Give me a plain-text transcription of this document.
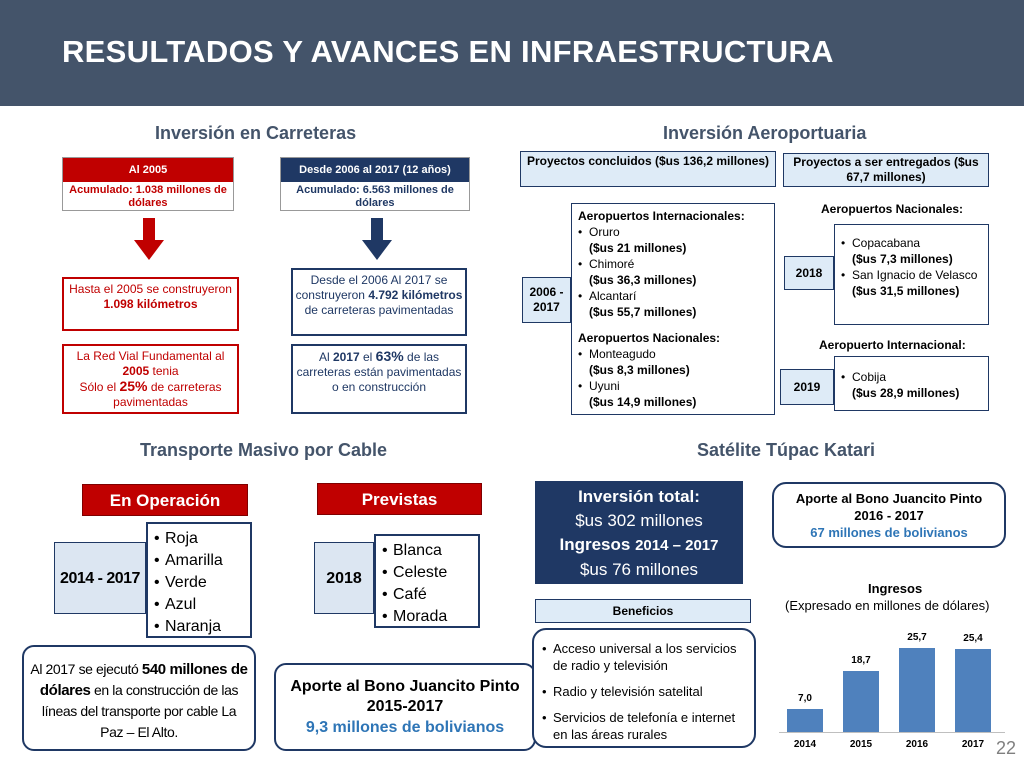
RESULTADOS Y AVANCES EN INFRAESTRUCTURA
Inversión en Carreteras
Al 2005
Acumulado: 1.038 millones de dólares
Desde 2006 al 2017 (12 años)
Acumulado: 6.563 millones de dólares
Hasta el 2005 se construyeron 1.098 kilómetros
La Red Vial Fundamental al 2005 tenia
Sólo el 25% de carreteras pavimentadas
Desde el 2006 Al 2017 se construyeron 4.792 kilómetros de carreteras pavimentadas
Al 2017 el 63% de las carreteras están pavimentadas o en construcción
Inversión Aeroportuaria
Proyectos concluidos ($us 136,2 millones)	Proyectos a ser entregados ($us 67,7 millones)
2006 - 2017
Aeropuertos Internacionales:
• Oruro
($us 21 millones)
• Chimoré
($us 36,3 millones)
• Alcantarí
($us 55,7 millones)
Aeropuertos Nacionales:
• Monteagudo
($us 8,3 millones)
• Uyuni
($us 14,9 millones)
Aeropuertos Nacionales:
2018
• Copacabana
($us 7,3 millones)
• San Ignacio de Velasco
($us 31,5 millones)
Aeropuerto Internacional:
2019
• Cobija
($us 28,9 millones)
Transporte Masivo por Cable
En Operación
2014 - 2017
• Roja
• Amarilla
• Verde
• Azul
• Naranja
Previstas
2018
• Blanca
• Celeste
• Café
• Morada
Al 2017 se ejecutó 540 millones de dólares en la construcción de las líneas del transporte por cable La Paz – El Alto.
Aporte al Bono Juancito Pinto 2015-2017
9,3 millones de bolivianos
Satélite Túpac Katari
Inversión total:
$us 302 millones
Ingresos 2014 – 2017
$us 76 millones
Aporte al Bono Juancito Pinto 2016 - 2017
67 millones de bolivianos
Beneficios
• Acceso universal a los servicios de radio y televisión
• Radio y televisión satelital
• Servicios de telefonía e internet en las áreas rurales
Ingresos
(Expresado en millones de dólares)
7,0
2014
18,7
2015
25,7
2016
25,4
2017 22
